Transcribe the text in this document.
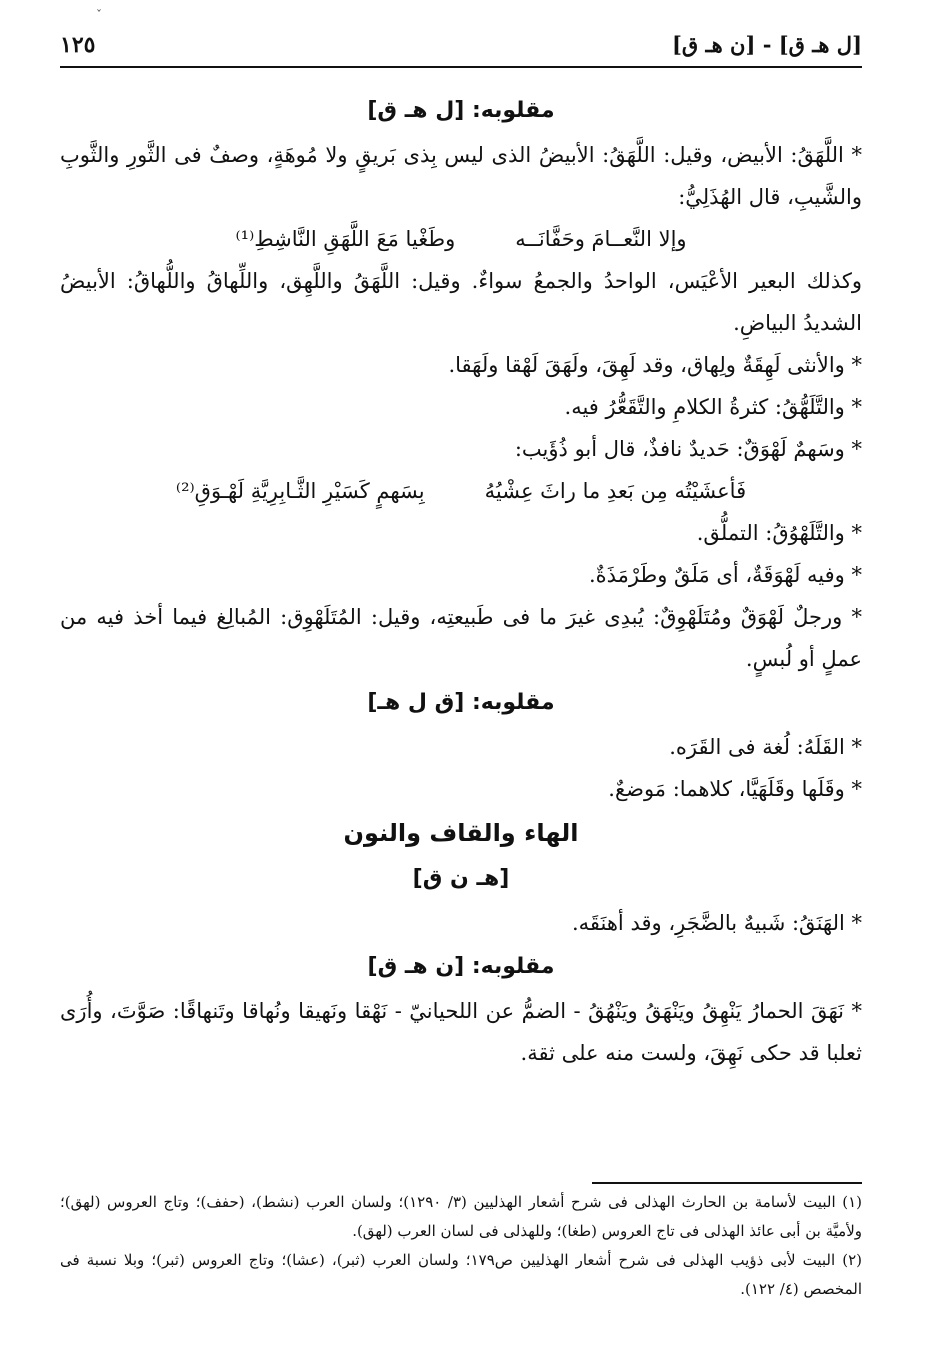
ˇ
[ل هـ ق] - [ن هـ ق]
١٢٥
مقلوبه: [ل هـ ق]

* اللَّهَقُ: الأبيض، وقيل: اللَّهَقُ: الأبيضُ الذى ليس بِذى بَريقٍ ولا مُوهَةٍ، وصفٌ فى الثَّورِ والثَّوبِ والشَّيبِ، قال الهُذَلِيُّ:

وإلا النَّعــامَ وحَفَّانَــه
وطَغْيا مَعَ اللَّهَقِ النَّاشِطِ⁽¹⁾

وكذلك البعير الأعْيَس، الواحدُ والجمعُ سواءٌ. وقيل: اللَّهَقُ واللَّهِق، واللِّهاقُ واللُّهاقُ: الأبيضُ الشديدُ البياضِ.

* والأنثى لَهِقَةٌ ولِهاق، وقد لَهِقَ، ولَهَقَ لَهْقا ولَهَقا.

* والتَّلَهُّقُ: كثرةُ الكلامِ والتَّقَعُّرُ فيه.

* وسَهمٌ لَهْوَقٌ: حَديدٌ نافذٌ، قال أبو ذُؤَيب:

فَأعشَيْتُه مِن بَعدِ ما راثَ عِشْيُهُ
بِسَهمٍ كَسَيْرِ الثَّـابِرِيَّةِ لَهْـوَقِ⁽²⁾

* والتَّلَهْوُقُ: التملُّق.

* وفيه لَهْوَقَةٌ، أى مَلَقٌ وطَرْمَذَةٌ.

* ورجلٌ لَهْوَقٌ ومُتَلَهْوِقٌ: يُبدِى غيرَ ما فى طَبيعتِه، وقيل: المُتَلَهْوِق: المُبالِغ فيما أخذ فيه من عملٍ أو لُبسٍ.

مقلوبه: [ق ل هـ]

* القَلَهُ: لُغة فى القَرَه.

* وقَلَها وقَلَهَيَّا، كلاهما: مَوضعٌ.

الهاء والقاف والنون
[هـ ن ق]

* الهَنَقُ: شَبيهٌ بالضَّجَرِ، وقد أهنَقَه.

مقلوبه: [ن هـ ق]

* نَهَقَ الحمارُ يَنْهِقُ ويَنْهَقُ ويَنْهُقُ - الضمُّ عن اللحيانيّ - نَهْقا ونَهيقا ونُهاقا وتَنهاقًا: صَوَّتَ، وأُرَى ثعلبا قد حكى نَهِقَ، ولست منه على ثقة.

(١) البيت لأسامة بن الحارث الهذلى فى شرح أشعار الهذليين (٣/ ١٢٩٠)؛ ولسان العرب (نشط)، (حفف)؛ وتاج العروس (لهق)؛ ولأميَّة بن أبى عائذ الهذلى فى تاج العروس (طغا)؛ وللهذلى فى لسان العرب (لهق).

(٢) البيت لأبى ذؤيب الهذلى فى شرح أشعار الهذليين ص١٧٩؛ ولسان العرب (ثبر)، (عشا)؛ وتاج العروس (ثبر)؛ وبلا نسبة فى المخصص (٤/ ١٢٢).
